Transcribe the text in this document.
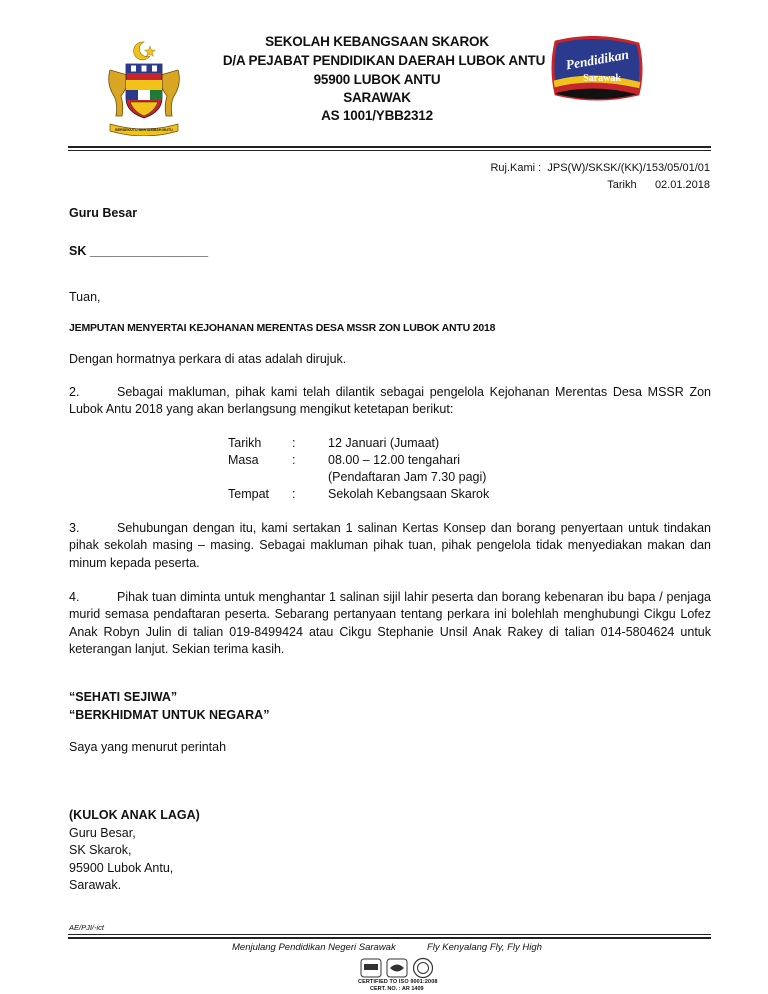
BERSEKUTU BERTAMBAH MUTU
SEKOLAH KEBANGSAAN SKAROK
D/A PEJABAT PENDIDIKAN DAERAH LUBOK ANTU
95900 LUBOK ANTU
SARAWAK
AS 1001/YBB2312
Pendidikan
Sarawak
Ruj.Kami : JPS(W)/SKSK/(KK)/153/05/01/01
Tarikh 02.01.2018
Guru Besar
SK _________________
Tuan,
JEMPUTAN MENYERTAI KEJOHANAN MERENTAS DESA MSSR ZON LUBOK ANTU 2018
Dengan hormatnya perkara di atas adalah dirujuk.
2.	Sebagai makluman, pihak kami telah dilantik sebagai pengelola Kejohanan Merentas Desa MSSR Zon Lubok Antu 2018 yang akan berlangsung mengikut ketetapan berikut:
Tarikh :	12 Januari (Jumaat)
Masa	:	08.00 – 12.00 tengahari
(Pendaftaran Jam 7.30 pagi)
Tempat :	Sekolah Kebangsaan Skarok
3.	Sehubungan dengan itu, kami sertakan 1 salinan Kertas Konsep dan borang penyertaan untuk tindakan pihak sekolah masing – masing. Sebagai makluman pihak tuan, pihak pengelola tidak menyediakan makan dan minum kepada peserta.
4.	Pihak tuan diminta untuk menghantar 1 salinan sijil lahir peserta dan borang kebenaran ibu bapa / penjaga murid semasa pendaftaran peserta. Sebarang pertanyaan tentang perkara ini bolehlah menghubungi Cikgu Lofez Anak Robyn Julin di talian 019-8499424 atau Cikgu Stephanie Unsil Anak Rakey di talian 014-5804624 untuk keterangan lanjut. Sekian terima kasih.
“SEHATI SEJIWA”
“BERKHIDMAT UNTUK NEGARA”
Saya yang menurut perintah
(KULOK ANAK LAGA)
Guru Besar,
SK Skarok,
95900 Lubok Antu,
Sarawak.
AE/PJI/-ict
Menjulang Pendidikan Negeri Sarawak	Fly Kenyalang Fly, Fly High
CERTIFIED TO ISO 9001:2008
CERT. NO. : AR 1409
